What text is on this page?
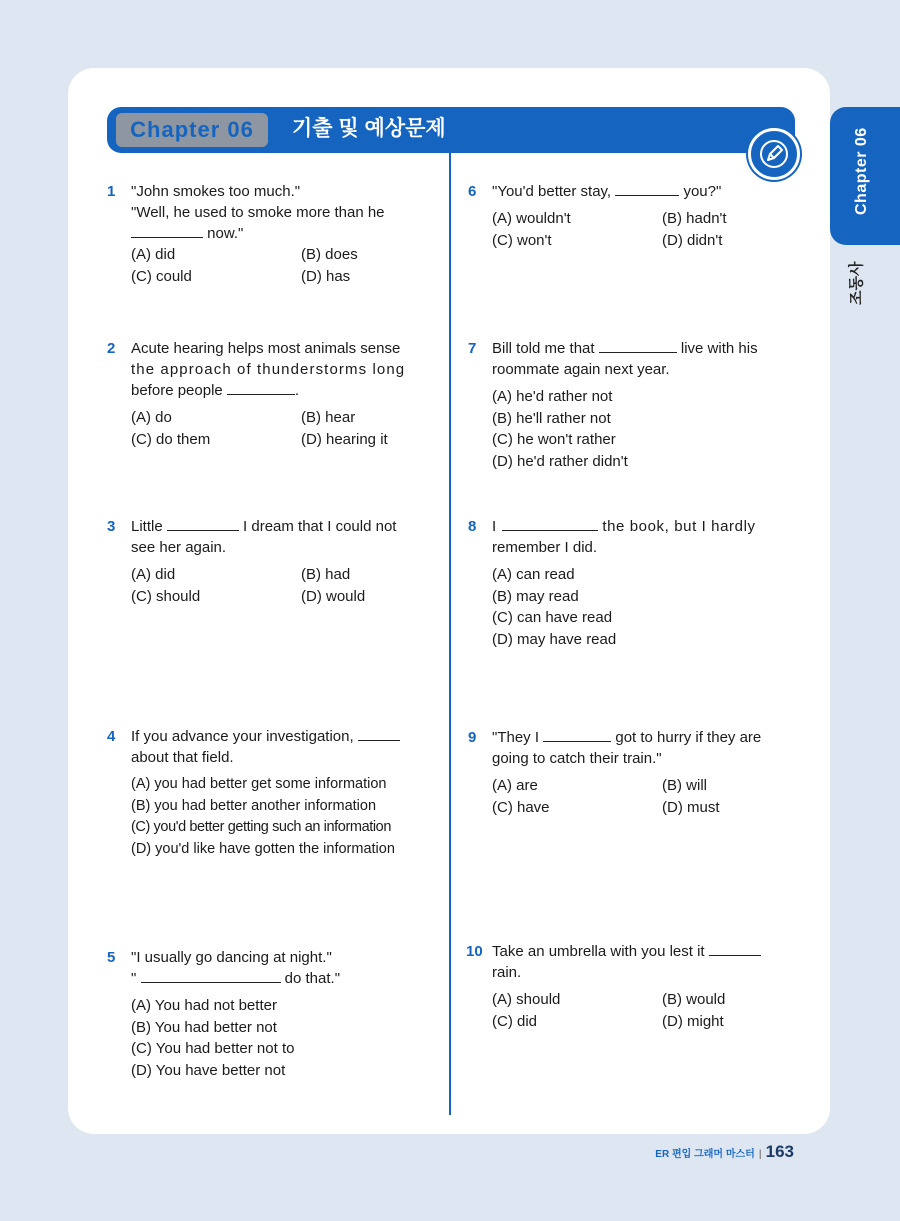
Chapter 06	기출 및 예상문제	Chapter 06
조동사
1	"John smokes too much."
"Well, he used to smoke more than he
now."
(A) did	(B) does
(C) could	(D) has
2	Acute hearing helps most animals sense
the approach of thunderstorms long
before people	.
(A) do	(B) hear
(C) do them	(D) hearing it
3	Little	I dream that I could not
see her again.
(A) did	(B) had
(C) should	(D) would
4	If you advance your investigation,
about that field.
(A) you had better get some information
(B) you had better another information
(C) you'd better getting such an information
(D) you'd like have gotten the information
5	"I usually go dancing at night."
"	do that."
(A) You had not better
(B) You had better not
(C) You had better not to
(D) You have better not
6	"You'd better stay,	you?"
(A) wouldn't	(B) hadn't
(C) won't	(D) didn't
7	Bill told me that	live with his
roommate again next year.
(A) he'd rather not
(B) he'll rather not
(C) he won't rather
(D) he'd rather didn't
8	I	the book, but I hardly
remember I did.
(A) can read
(B) may read
(C) can have read
(D) may have read
9	"They I	got to hurry if they are
going to catch their train."
(A) are	(B) will
(C) have	(D) must
10 Take an umbrella with you lest it
rain.
(A) should	(B) would
(C) did	(D) might
ER 편입 그래머 마스터 | 163
